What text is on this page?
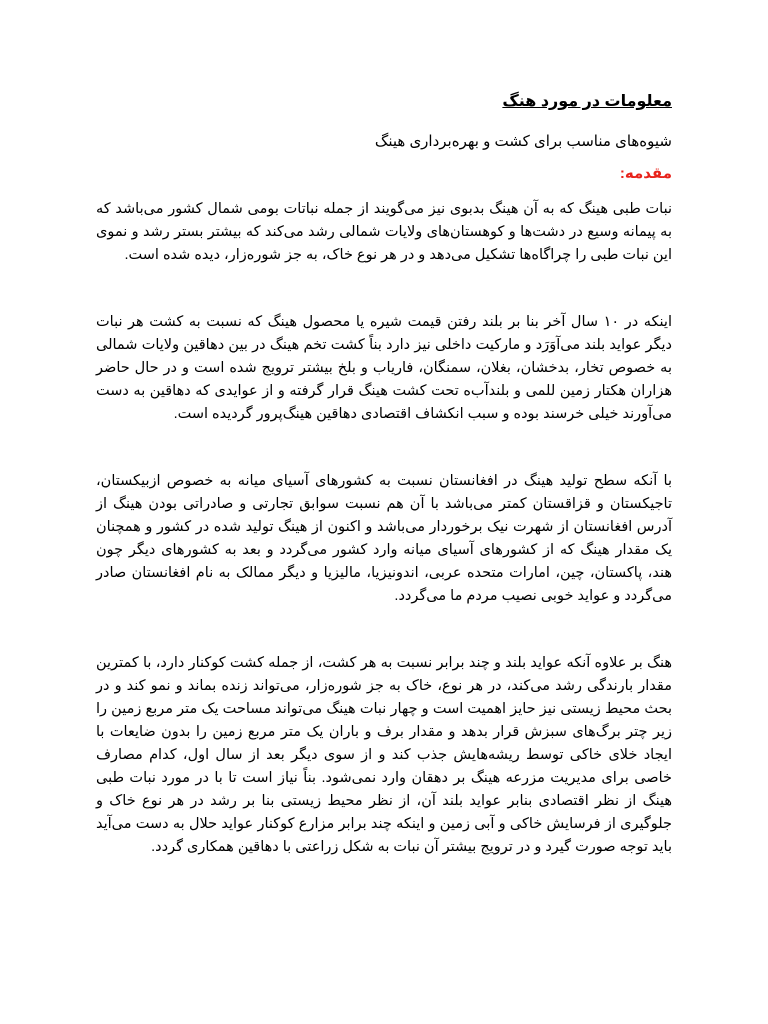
معلومات در مورد هنگ
شیوه‌های مناسب برای کشت و بهره‌برداری هینگ
مقدمه:

نبات طبی هینگ که به آن هینگ بدبوی نیز می‌گویند از جمله نباتات بومی شمال کشور می‌باشد که به پیمانه وسیع در دشت‌ها و کوهستان‌های ولایات شمالی رشد می‌کند که بیشتر بستر رشد و نموی این نبات طبی را چراگاه‌ها تشکیل می‌دهد و در هر نوع خاک، به جز شوره‌زار، دیده شده است.

اینکه در ۱۰ سال آخر بنا بر بلند رفتن قیمت شیره یا محصول هینگ که نسبت به کشت هر نبات دیگر عواید بلند می‌آوَرَد و مارکیت داخلی نیز دارد بناً کشت تخم هینگ در بین دهاقین ولایات شمالی به خصوص تخار، بدخشان، بغلان، سمنگان، فاریاب و بلخ بیشتر ترویج شده است و در حال حاضر هزاران هکتار زمین للمی و بلندآب‌ه تحت کشت هینگ قرار گرفته و از عوایدی که دهاقین به دست می‌آورند خیلی خرسند بوده و سبب انکشاف اقتصادی دهاقین هینگ‌پرور گردیده است.

با آنکه سطح تولید هینگ در افغانستان نسبت به کشورهای آسیای میانه به خصوص ازبیکستان، تاجیکستان و قزاقستان کمتر می‌باشد با آن هم نسبت سوابق تجارتی و صادراتی بودن هینگ از آدرس افغانستان از شهرت نیک برخوردار می‌باشد و اکنون از هینگ تولید شده در کشور و همچنان یک مقدار هینگ که از کشورهای آسیای میانه وارد کشور می‌گردد و بعد به کشورهای دیگر چون هند، پاکستان، چین، امارات متحده عربی، اندونیزیا، مالیزیا و دیگر ممالک به نام افغانستان صادر می‌گردد و عواید خوبی نصیب مردم ما می‌گردد.

هنگ بر علاوه آنکه عواید بلند و چند برابر نسبت به هر کشت، از جمله کشت کوکنار دارد، با کمترین مقدار بارندگی رشد می‌کند، در هر نوع، خاک به جز شوره‌زار، می‌تواند زنده بماند و نمو کند و در بحث محیط زیستی نیز حایز اهمیت است و چهار نبات هینگ می‌تواند مساحت یک متر مربع زمین را زیر چتر برگ‌های سبزش قرار بدهد و مقدار برف و باران یک متر مربع زمین را بدون ضایعات با ایجاد خلای خاکی توسط ریشه‌هایش جذب کند و از سوی دیگر بعد از سال اول، کدام مصارف خاصی برای مدیریت مزرعه هینگ بر دهقان وارد نمی‌شود. بناً نیاز است تا با در مورد نبات طبی هینگ از نظر اقتصادی بنابر عواید بلند آن، از نظر محیط زیستی بنا بر رشد در هر نوع خاک و جلوگیری از فرسایش خاکی و آبی زمین و اینکه چند برابر مزارع کوکنار عواید حلال به دست می‌آید باید توجه صورت گیرد و در ترویج بیشتر آن نبات به شکل زراعتی با دهاقین همکاری گردد.
